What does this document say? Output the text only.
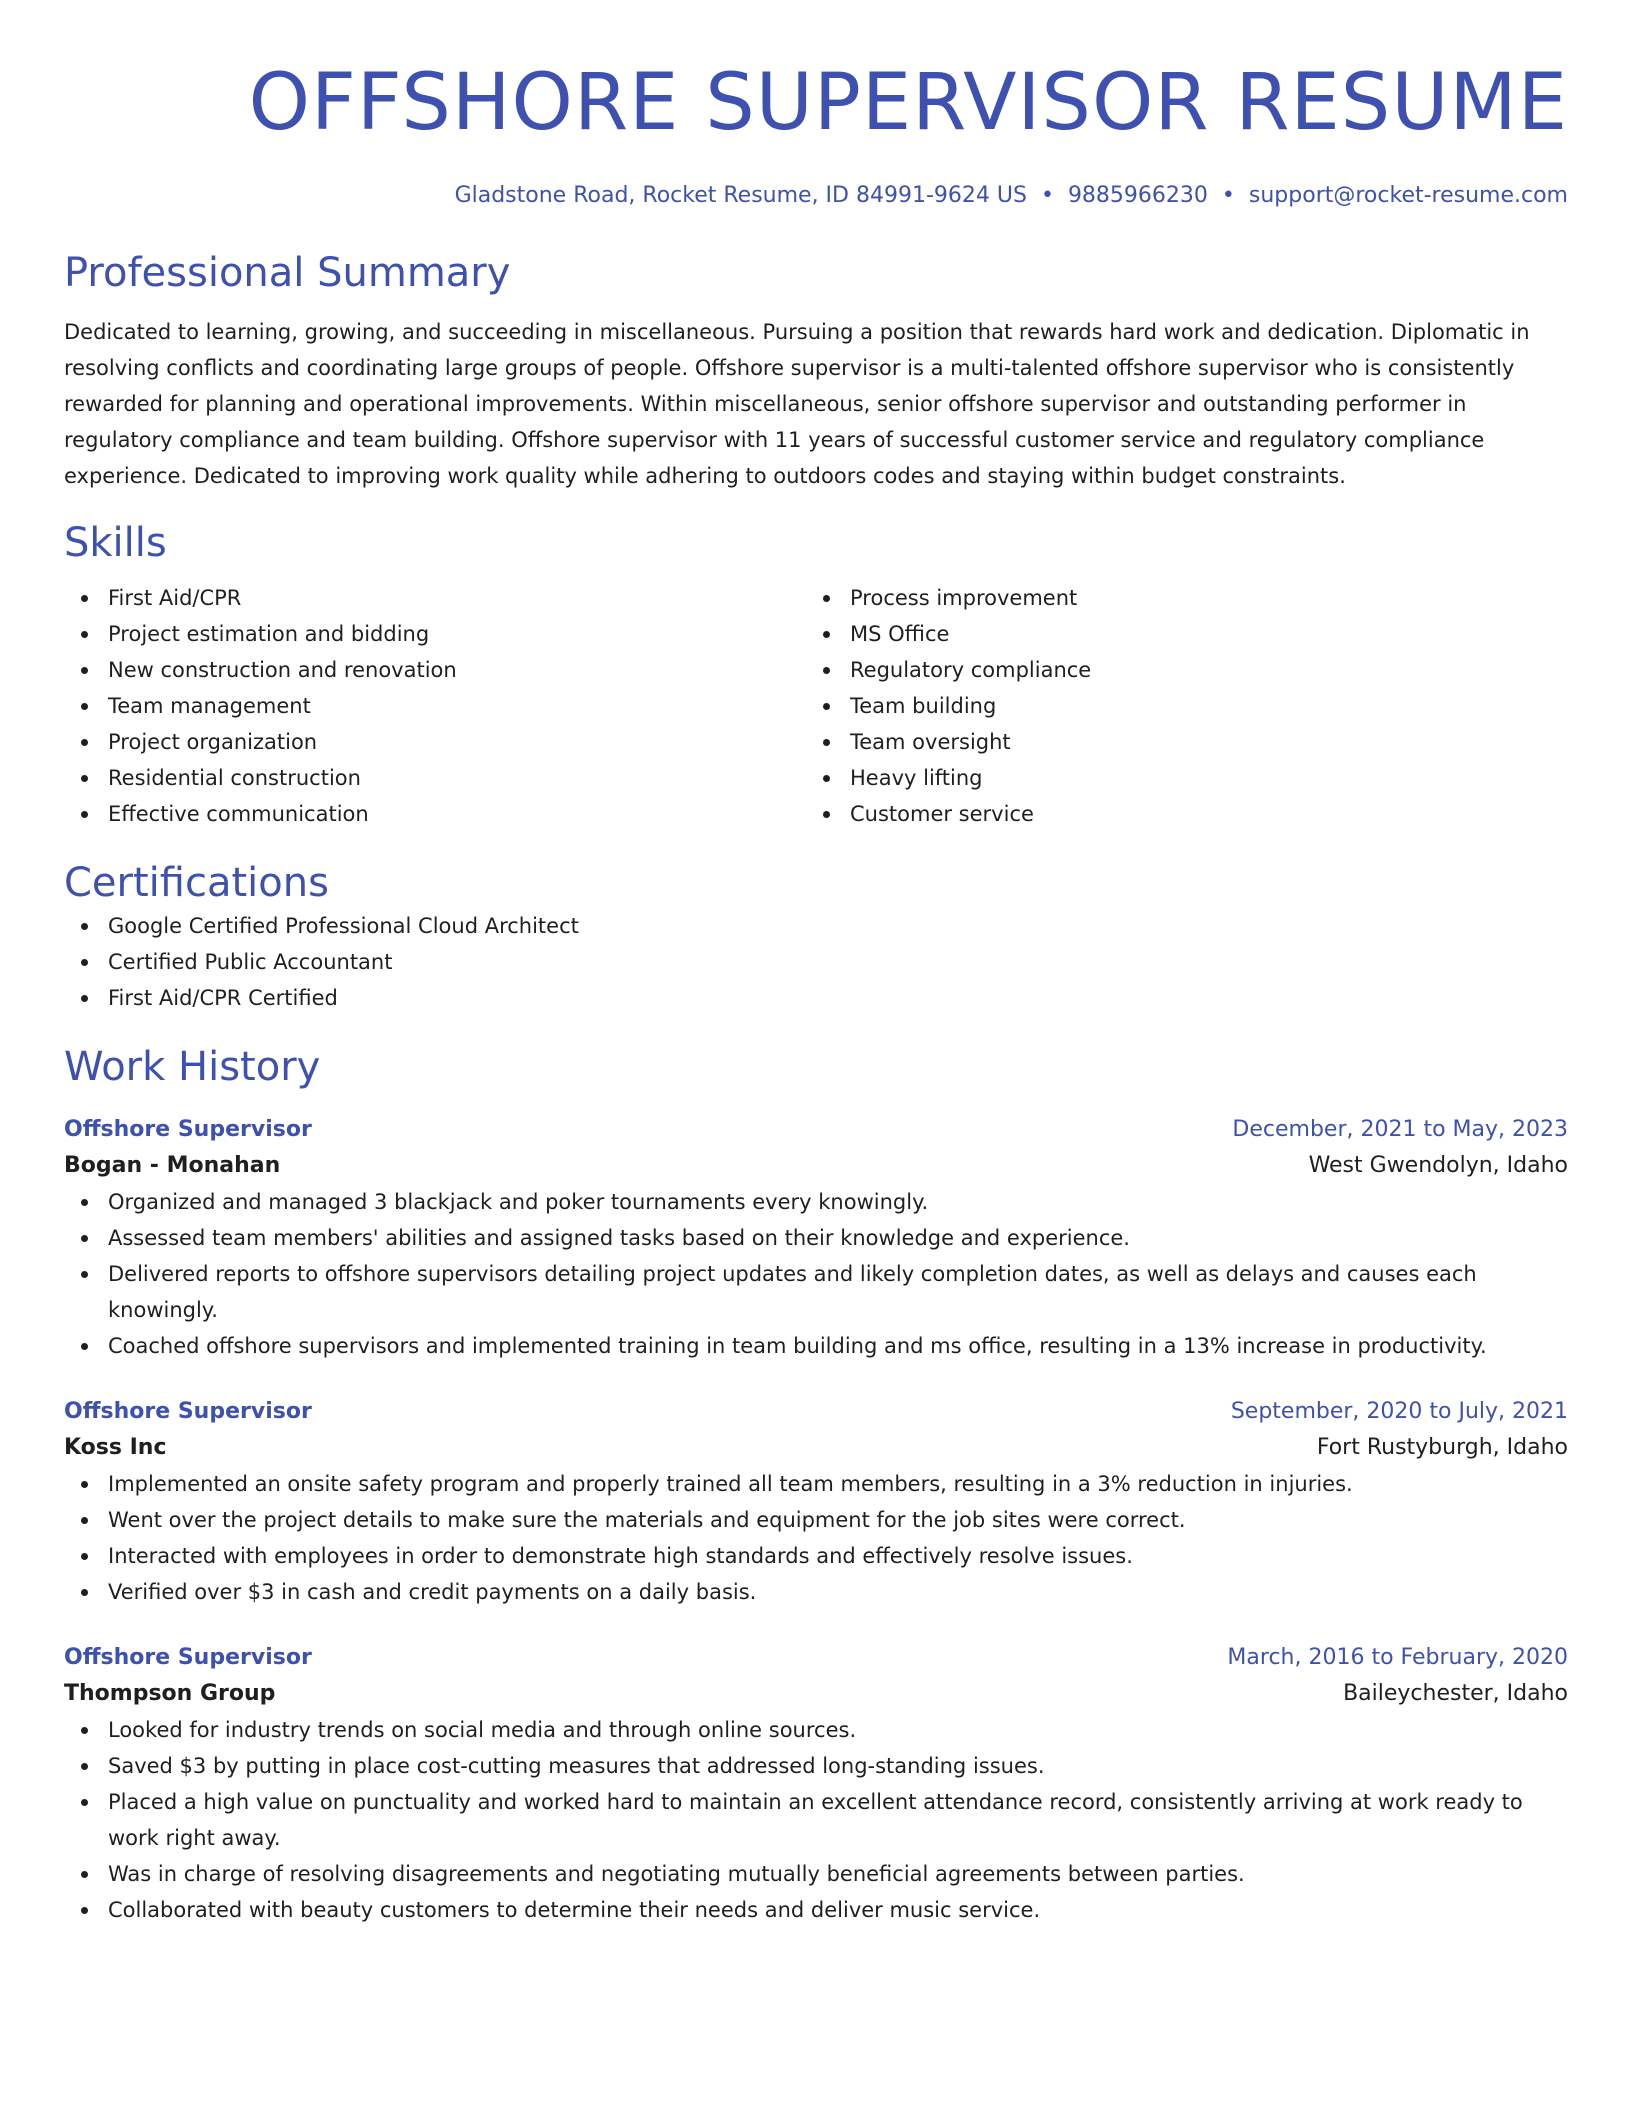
OFFSHORE SUPERVISOR RESUME
Gladstone Road, Rocket Resume, ID 84991-9624 US • 9885966230 • support@rocket-resume.com
Professional Summary

Dedicated to learning, growing, and succeeding in miscellaneous. Pursuing a position that rewards hard work and dedication. Diplomatic in resolving conflicts and coordinating large groups of people. Offshore supervisor is a multi-talented offshore supervisor who is consistently rewarded for planning and operational improvements. Within miscellaneous, senior offshore supervisor and outstanding performer in regulatory compliance and team building. Offshore supervisor with 11 years of successful customer service and regulatory compliance experience. Dedicated to improving work quality while adhering to outdoors codes and staying within budget constraints.

Skills
First Aid/CPR
Project estimation and bidding
New construction and renovation
Team management
Project organization
Residential construction
Effective communication
Process improvement
MS Office
Regulatory compliance
Team building
Team oversight
Heavy lifting
Customer service
Certifications
Google Certified Professional Cloud Architect
Certified Public Accountant
First Aid/CPR Certified
Work History
Offshore Supervisor	December, 2021 to May, 2023
Bogan - Monahan	West Gwendolyn, Idaho
Organized and managed 3 blackjack and poker tournaments every knowingly.
Assessed team members' abilities and assigned tasks based on their knowledge and experience.
Delivered reports to offshore supervisors detailing project updates and likely completion dates, as well as delays and causes each knowingly.
Coached offshore supervisors and implemented training in team building and ms office, resulting in a 13% increase in productivity.
Offshore Supervisor	September, 2020 to July, 2021
Koss Inc	Fort Rustyburgh, Idaho
Implemented an onsite safety program and properly trained all team members, resulting in a 3% reduction in injuries.
Went over the project details to make sure the materials and equipment for the job sites were correct.
Interacted with employees in order to demonstrate high standards and effectively resolve issues.
Verified over $3 in cash and credit payments on a daily basis.
Offshore Supervisor	March, 2016 to February, 2020
Thompson Group	Baileychester, Idaho
Looked for industry trends on social media and through online sources.
Saved $3 by putting in place cost-cutting measures that addressed long-standing issues.
Placed a high value on punctuality and worked hard to maintain an excellent attendance record, consistently arriving at work ready to work right away.
Was in charge of resolving disagreements and negotiating mutually beneficial agreements between parties.
Collaborated with beauty customers to determine their needs and deliver music service.
